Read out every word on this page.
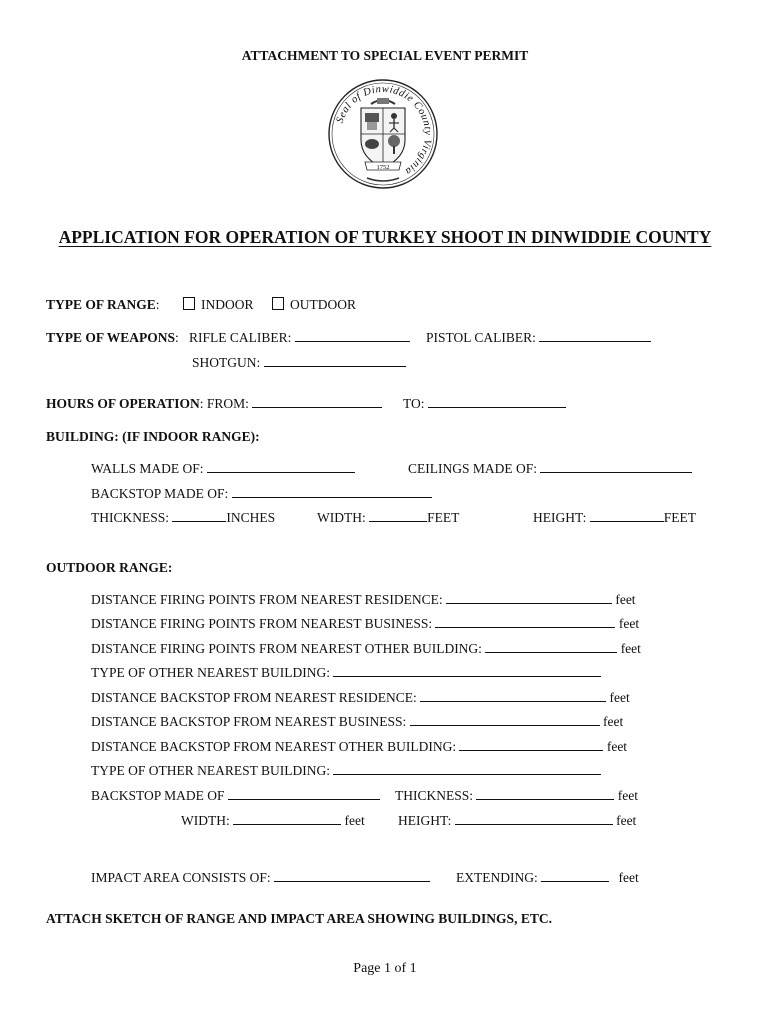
ATTACHMENT TO SPECIAL EVENT PERMIT
Seal of Dinwiddie County Virginia
1752
APPLICATION FOR OPERATION OF TURKEY SHOOT IN DINWIDDIE COUNTY
TYPE OF RANGE:	INDOOR	OUTDOOR
TYPE OF WEAPONS: RIFLE CALIBER:	PISTOL CALIBER:
SHOTGUN:
HOURS OF OPERATION: FROM:	TO:
BUILDING: (IF INDOOR RANGE):
WALLS MADE OF:	CEILINGS MADE OF:
BACKSTOP MADE OF:
THICKNESS:	INCHES	WIDTH:	FEET	HEIGHT:	FEET
OUTDOOR RANGE:
DISTANCE FIRING POINTS FROM NEAREST RESIDENCE:	feet
DISTANCE FIRING POINTS FROM NEAREST BUSINESS:	feet
DISTANCE FIRING POINTS FROM NEAREST OTHER BUILDING:	feet
TYPE OF OTHER NEAREST BUILDING:
DISTANCE BACKSTOP FROM NEAREST RESIDENCE:	feet
DISTANCE BACKSTOP FROM NEAREST BUSINESS:	feet
DISTANCE BACKSTOP FROM NEAREST OTHER BUILDING:	feet
TYPE OF OTHER NEAREST BUILDING:
BACKSTOP MADE OF	THICKNESS:	feet
WIDTH:	feet HEIGHT:	feet
IMPACT AREA CONSISTS OF:	EXTENDING:	feet
ATTACH SKETCH OF RANGE AND IMPACT AREA SHOWING BUILDINGS, ETC.
Page 1 of 1
